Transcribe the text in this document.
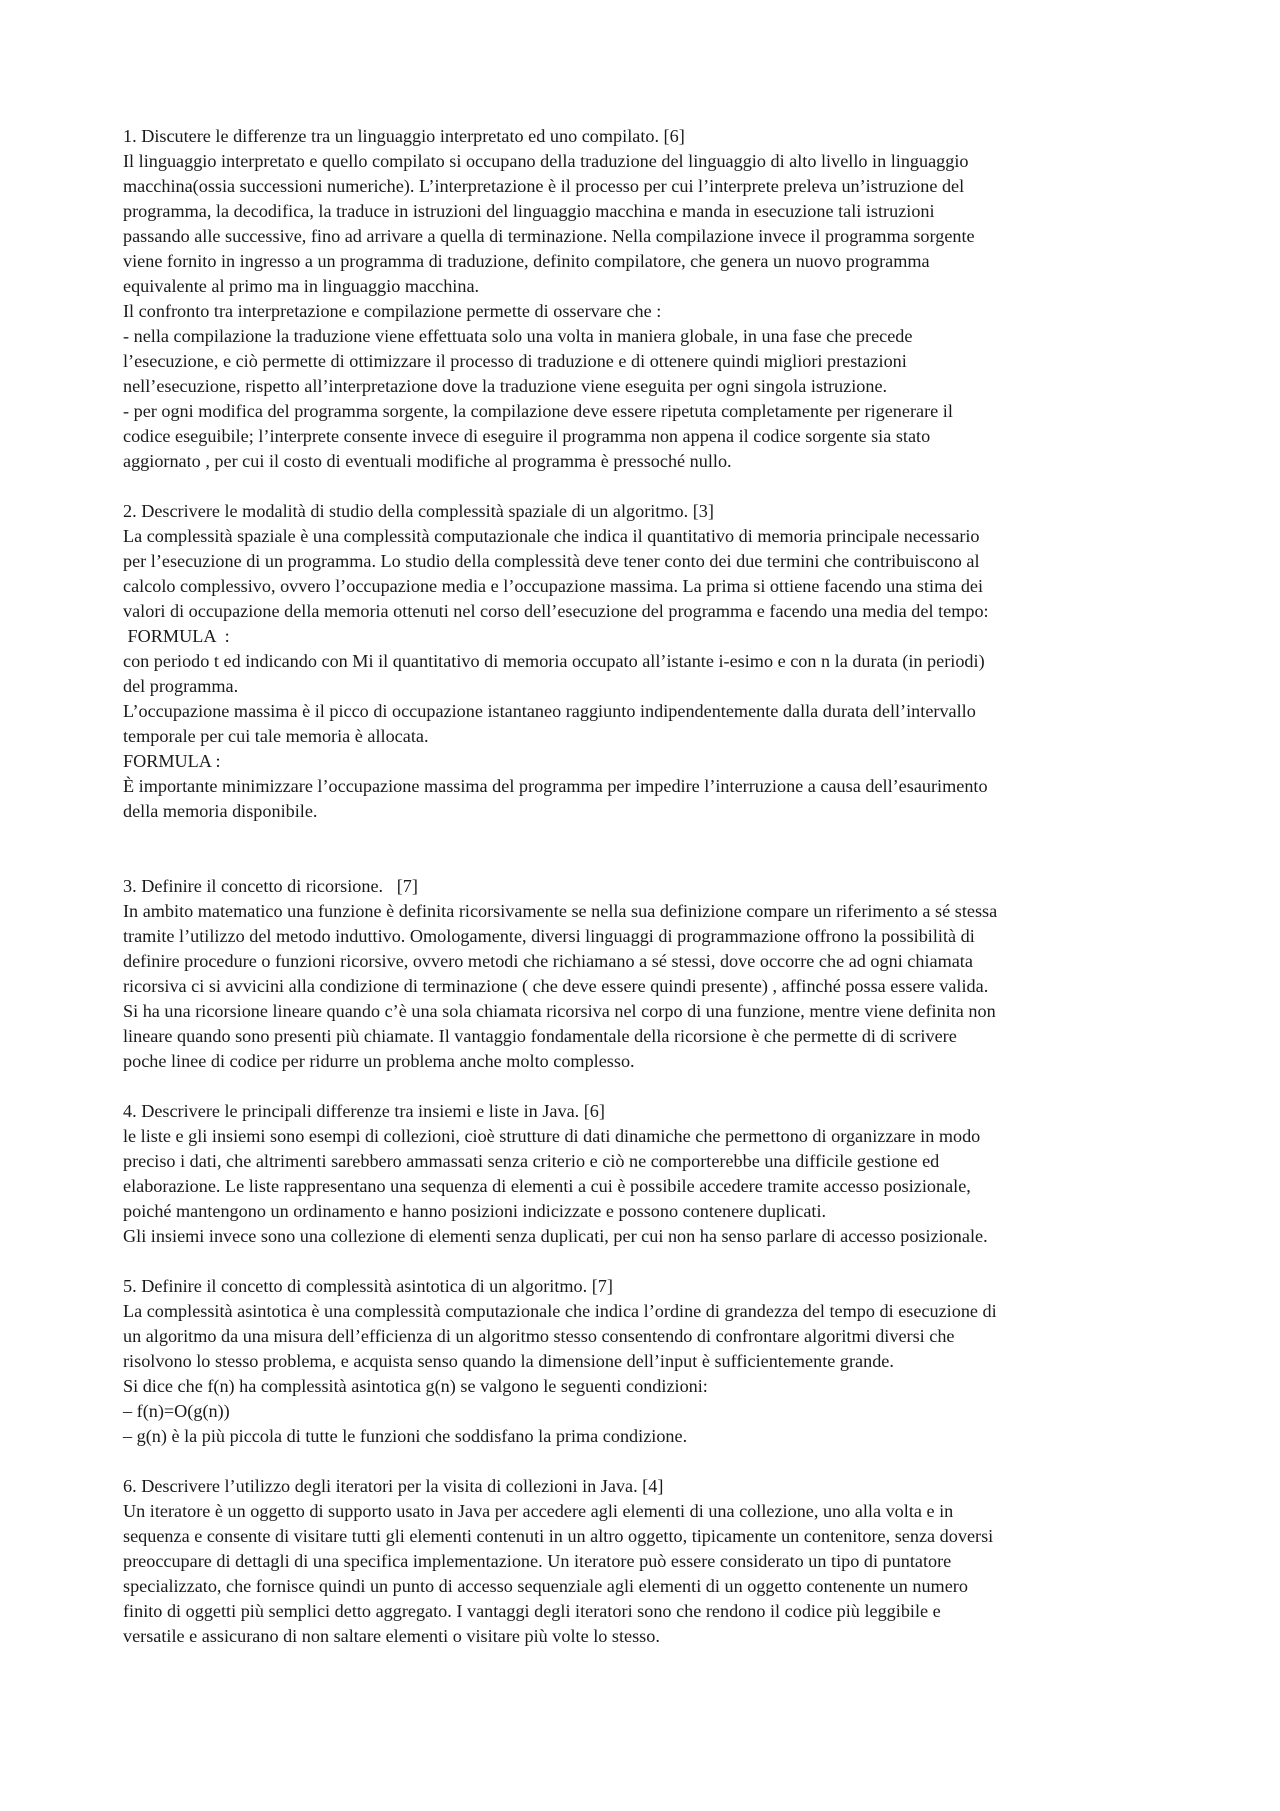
1. Discutere le differenze tra un linguaggio interpretato ed uno compilato. [6]
Il linguaggio interpretato e quello compilato si occupano della traduzione del linguaggio di alto livello in linguaggio
macchina(ossia successioni numeriche). L’interpretazione è il processo per cui l’interprete preleva un’istruzione del
programma, la decodifica, la traduce in istruzioni del linguaggio macchina e manda in esecuzione tali istruzioni
passando alle successive, fino ad arrivare a quella di terminazione. Nella compilazione invece il programma sorgente
viene fornito in ingresso a un programma di traduzione, definito compilatore, che genera un nuovo programma
equivalente al primo ma in linguaggio macchina.
Il confronto tra interpretazione e compilazione permette di osservare che :
- nella compilazione la traduzione viene effettuata solo una volta in maniera globale, in una fase che precede
l’esecuzione, e ciò permette di ottimizzare il processo di traduzione e di ottenere quindi migliori prestazioni
nell’esecuzione, rispetto all’interpretazione dove la traduzione viene eseguita per ogni singola istruzione.
- per ogni modifica del programma sorgente, la compilazione deve essere ripetuta completamente per rigenerare il
codice eseguibile; l’interprete consente invece di eseguire il programma non appena il codice sorgente sia stato
aggiornato , per cui il costo di eventuali modifiche al programma è pressoché nullo.
2. Descrivere le modalità di studio della complessità spaziale di un algoritmo. [3]
La complessità spaziale è una complessità computazionale che indica il quantitativo di memoria principale necessario
per l’esecuzione di un programma. Lo studio della complessità deve tener conto dei due termini che contribuiscono al
calcolo complessivo, ovvero l’occupazione media e l’occupazione massima. La prima si ottiene facendo una stima dei
valori di occupazione della memoria ottenuti nel corso dell’esecuzione del programma e facendo una media del tempo:
FORMULA  :
con periodo t ed indicando con Mi il quantitativo di memoria occupato all’istante i-esimo e con n la durata (in periodi)
del programma.
L’occupazione massima è il picco di occupazione istantaneo raggiunto indipendentemente dalla durata dell’intervallo
temporale per cui tale memoria è allocata.
FORMULA :
È importante minimizzare l’occupazione massima del programma per impedire l’interruzione a causa dell’esaurimento
della memoria disponibile.
3. Definire il concetto di ricorsione.   [7]
In ambito matematico una funzione è definita ricorsivamente se nella sua definizione compare un riferimento a sé stessa
tramite l’utilizzo del metodo induttivo. Omologamente, diversi linguaggi di programmazione offrono la possibilità di
definire procedure o funzioni ricorsive, ovvero metodi che richiamano a sé stessi, dove occorre che ad ogni chiamata
ricorsiva ci si avvicini alla condizione di terminazione ( che deve essere quindi presente) , affinché possa essere valida.
Si ha una ricorsione lineare quando c’è una sola chiamata ricorsiva nel corpo di una funzione, mentre viene definita non
lineare quando sono presenti più chiamate. Il vantaggio fondamentale della ricorsione è che permette di di scrivere
poche linee di codice per ridurre un problema anche molto complesso.
4. Descrivere le principali differenze tra insiemi e liste in Java. [6]
le liste e gli insiemi sono esempi di collezioni, cioè strutture di dati dinamiche che permettono di organizzare in modo
preciso i dati, che altrimenti sarebbero ammassati senza criterio e ciò ne comporterebbe una difficile gestione ed
elaborazione. Le liste rappresentano una sequenza di elementi a cui è possibile accedere tramite accesso posizionale,
poiché mantengono un ordinamento e hanno posizioni indicizzate e possono contenere duplicati.
Gli insiemi invece sono una collezione di elementi senza duplicati, per cui non ha senso parlare di accesso posizionale.
5. Definire il concetto di complessità asintotica di un algoritmo. [7]
La complessità asintotica è una complessità computazionale che indica l’ordine di grandezza del tempo di esecuzione di
un algoritmo da una misura dell’efficienza di un algoritmo stesso consentendo di confrontare algoritmi diversi che
risolvono lo stesso problema, e acquista senso quando la dimensione dell’input è sufficientemente grande.
Si dice che f(n) ha complessità asintotica g(n) se valgono le seguenti condizioni:
– f(n)=O(g(n))
– g(n) è la più piccola di tutte le funzioni che soddisfano la prima condizione.
6. Descrivere l’utilizzo degli iteratori per la visita di collezioni in Java. [4]
Un iteratore è un oggetto di supporto usato in Java per accedere agli elementi di una collezione, uno alla volta e in
sequenza e consente di visitare tutti gli elementi contenuti in un altro oggetto, tipicamente un contenitore, senza doversi
preoccupare di dettagli di una specifica implementazione. Un iteratore può essere considerato un tipo di puntatore
specializzato, che fornisce quindi un punto di accesso sequenziale agli elementi di un oggetto contenente un numero
finito di oggetti più semplici detto aggregato. I vantaggi degli iteratori sono che rendono il codice più leggibile e
versatile e assicurano di non saltare elementi o visitare più volte lo stesso.
